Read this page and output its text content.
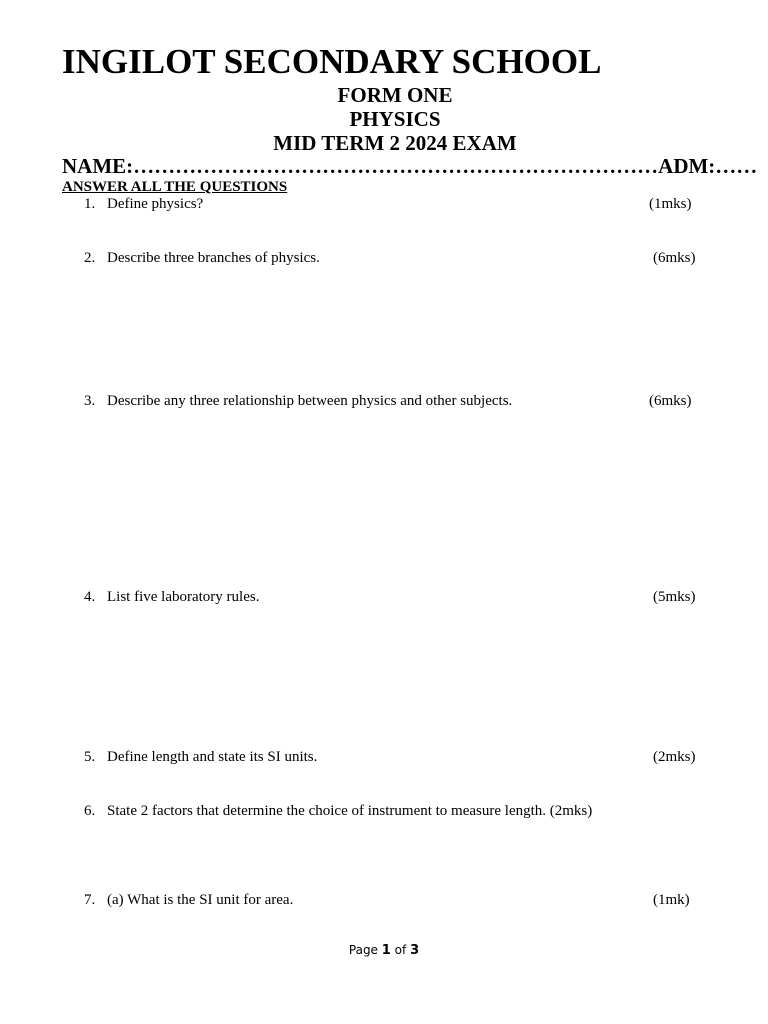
INGILOT SECONDARY SCHOOL
FORM ONE
PHYSICS
MID TERM 2 2024 EXAM
NAME:…………………………………………………………………ADM:……
ANSWER ALL THE QUESTIONS
1. Define physics?	(1mks)
2. Describe three branches of physics.	(6mks)
3. Describe any three relationship between physics and other subjects.	(6mks)
4. List five laboratory rules.	(5mks)
5. Define length and state its SI units.	(2mks)
6. State 2 factors that determine the choice of instrument to measure length. (2mks)
7. (a) What is the SI unit for area.	(1mk)
Page 1 of 3
